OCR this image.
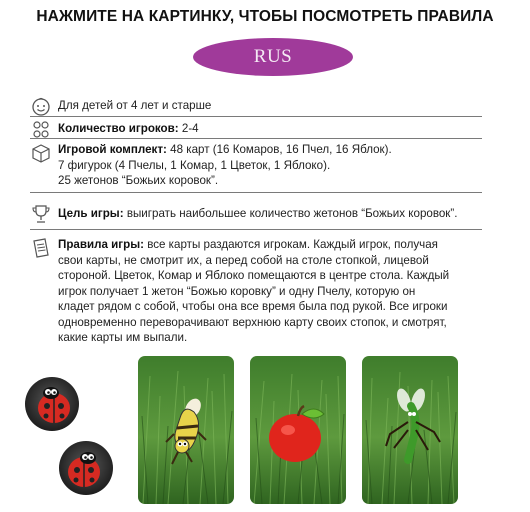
НАЖМИТЕ НА КАРТИНКУ, ЧТОБЫ ПОСМОТРЕТЬ ПРАВИЛА
RUS
Для детей от 4 лет и старше
Количество игроков: 2-4
Игровой комплект: 48 карт (16 Комаров, 16 Пчел, 16 Яблок).
7 фигурок (4 Пчелы, 1 Комар, 1 Цветок, 1 Яблоко).
25 жетонов “Божьих коровок”.
Цель игры: выиграть наибольшее количество жетонов “Божьих коровок”.
Правила игры: все карты раздаются игрокам. Каждый игрок, получая
свои карты, не смотрит их, а перед собой на столе стопкой, лицевой
стороной. Цветок, Комар и Яблоко помещаются в центре стола. Каждый
игрок получает 1 жетон “Божью коровку” и одну Пчелу, которую он
кладет рядом с собой, чтобы она все время была под рукой. Все игроки
одновременно переворачивают верхнюю карту своих стопок, и смотрят,
какие карты им выпали.
